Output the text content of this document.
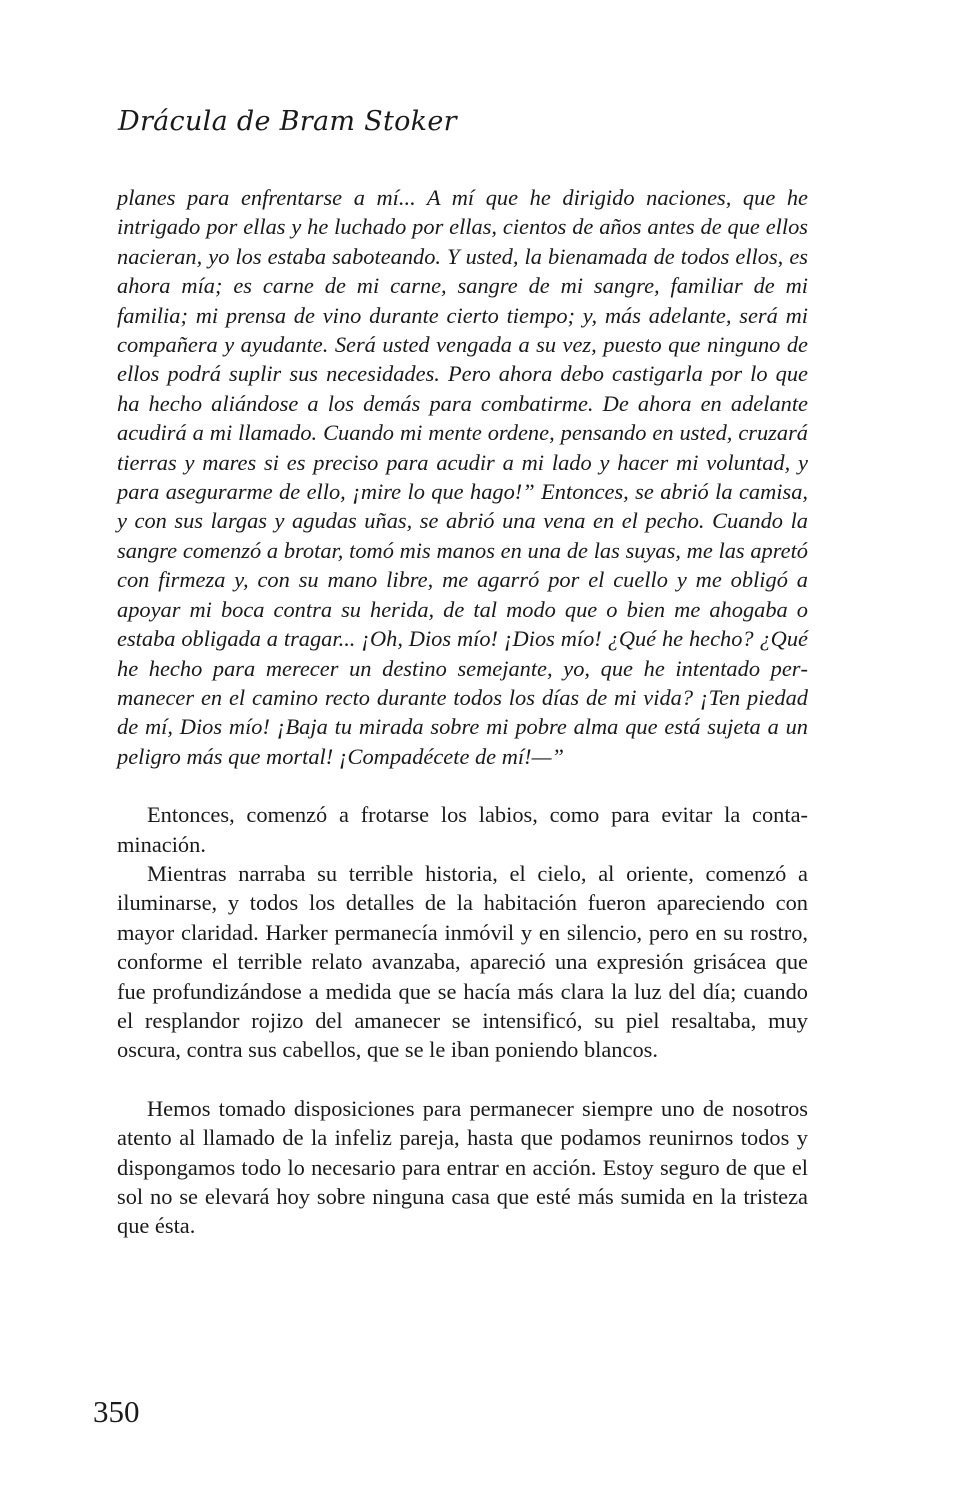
Drácula de Bram Stoker

planes para enfrentarse a mí... A mí que he dirigido naciones, que he intrigado por ellas y he luchado por ellas, cientos de años antes de que ellos nacieran, yo los estaba saboteando. Y usted, la bienamada de todos ellos, es ahora mía; es carne de mi carne, sangre de mi sangre, familiar de mi familia; mi prensa de vino durante cierto tiempo; y, más adelante, será mi compañera y ayudante. Será usted vengada a su vez, puesto que ninguno de ellos podrá suplir sus necesidades. Pero ahora debo castigarla por lo que ha hecho aliándose a los demás para combatirme. De ahora en adelante acudirá a mi llamado. Cuando mi mente ordene, pensando en usted, cruzará tierras y mares si es preciso para acudir a mi lado y hacer mi voluntad, y para asegurarme de ello, ¡mire lo que hago!” Entonces, se abrió la camisa, y con sus largas y agudas uñas, se abrió una vena en el pecho. Cuando la sangre comenzó a brotar, tomó mis manos en una de las suyas, me las apretó con firmeza y, con su mano libre, me agarró por el cuello y me obligó a apoyar mi boca contra su herida, de tal modo que o bien me ahogaba o estaba obligada a tragar... ¡Oh, Dios mío! ¡Dios mío! ¿Qué he hecho? ¿Qué he hecho para merecer un destino semejante, yo, que he intentado permanecer en el camino recto durante todos los días de mi vida? ¡Ten piedad de mí, Dios mío! ¡Baja tu mirada sobre mi pobre alma que está sujeta a un peligro más que mortal! ¡Compadécete de mí!—”

Entonces, comenzó a frotarse los labios, como para evitar la contaminación.

Mientras narraba su terrible historia, el cielo, al oriente, comenzó a iluminarse, y todos los detalles de la habitación fueron apareciendo con mayor claridad. Harker permanecía inmóvil y en silencio, pero en su rostro, conforme el terrible relato avanzaba, apareció una expresión grisácea que fue profundizándose a medida que se hacía más clara la luz del día; cuando el resplandor rojizo del amanecer se intensificó, su piel resaltaba, muy oscura, contra sus cabellos, que se le iban poniendo blancos.

Hemos tomado disposiciones para permanecer siempre uno de nosotros atento al llamado de la infeliz pareja, hasta que podamos reunirnos todos y dispongamos todo lo necesario para entrar en acción. Estoy seguro de que el sol no se elevará hoy sobre ninguna casa que esté más sumida en la tristeza que ésta.

350
